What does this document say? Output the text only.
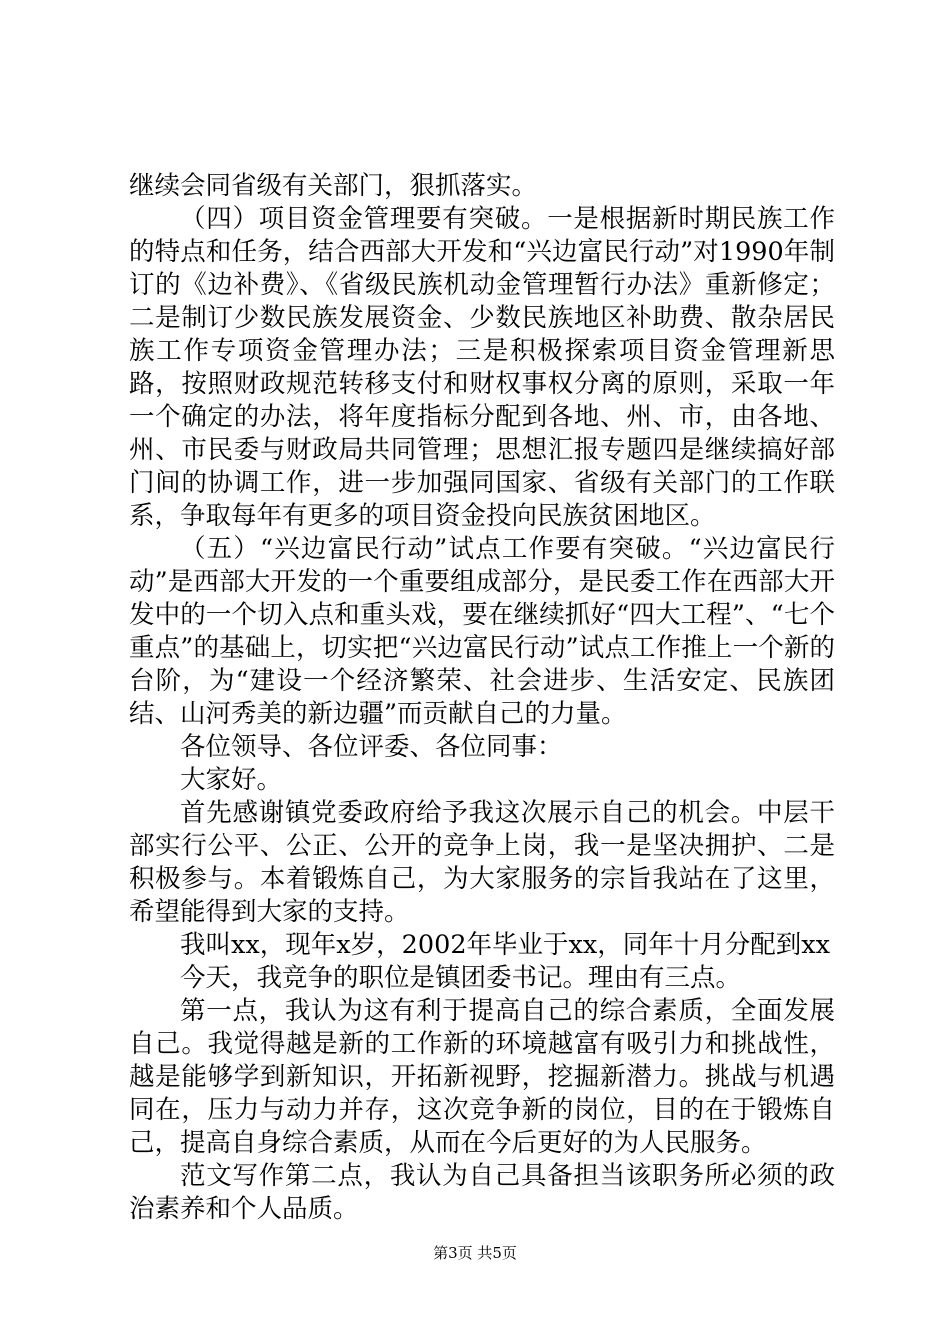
继续会同省级有关部门，狠抓落实。

（四）项目资金管理要有突破。一是根据新时期民族工作的特点和任务，结合西部大开发和“兴边富民行动”对1990年制订的《边补费》、《省级民族机动金管理暂行办法》重新修定；二是制订少数民族发展资金、少数民族地区补助费、散杂居民族工作专项资金管理办法；三是积极探索项目资金管理新思路，按照财政规范转移支付和财权事权分离的原则，采取一年一个确定的办法，将年度指标分配到各地、州、市，由各地、州、市民委与财政局共同管理；思想汇报专题四是继续搞好部门间的协调工作，进一步加强同国家、省级有关部门的工作联系，争取每年有更多的项目资金投向民族贫困地区。

（五）“兴边富民行动”试点工作要有突破。“兴边富民行动”是西部大开发的一个重要组成部分，是民委工作在西部大开发中的一个切入点和重头戏，要在继续抓好“四大工程”、“七个重点”的基础上，切实把“兴边富民行动”试点工作推上一个新的台阶，为“建设一个经济繁荣、社会进步、生活安定、民族团结、山河秀美的新边疆”而贡献自己的力量。

各位领导、各位评委、各位同事：

大家好。

首先感谢镇党委政府给予我这次展示自己的机会。中层干部实行公平、公正、公开的竞争上岗，我一是坚决拥护、二是积极参与。本着锻炼自己，为大家服务的宗旨我站在了这里，希望能得到大家的支持。

我叫xx，现年x岁，2002年毕业于xx，同年十月分配到xx

今天，我竞争的职位是镇团委书记。理由有三点。

第一点，我认为这有利于提高自己的综合素质，全面发展自己。我觉得越是新的工作新的环境越富有吸引力和挑战性，越是能够学到新知识，开拓新视野，挖掘新潜力。挑战与机遇同在，压力与动力并存，这次竞争新的岗位，目的在于锻炼自己，提高自身综合素质，从而在今后更好的为人民服务。

范文写作第二点，我认为自己具备担当该职务所必须的政治素养和个人品质。

第3页 共5页
